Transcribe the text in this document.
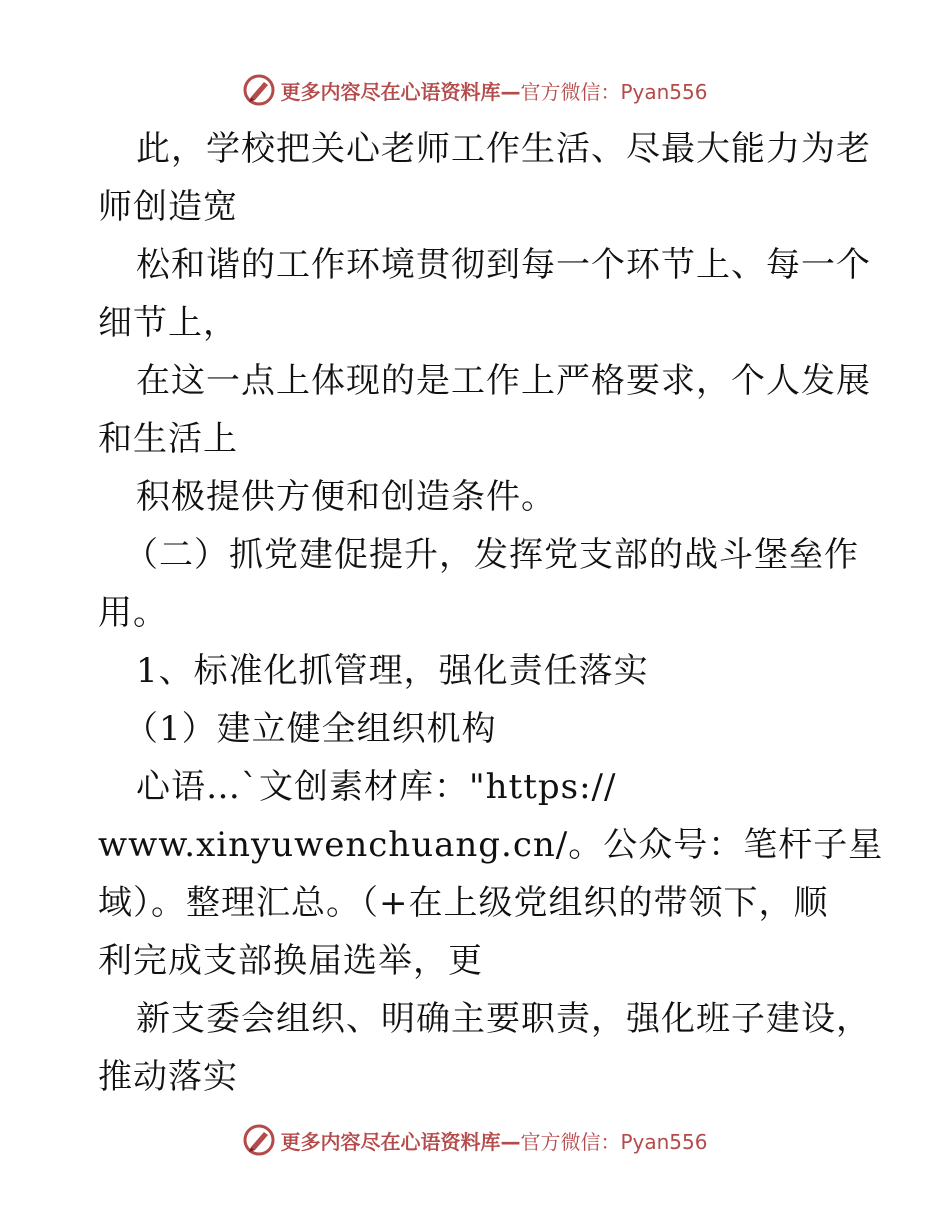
更多内容尽在心语资料库—官方微信：Pyan556
此，学校把关心老师工作生活、尽最大能力为老
师创造宽
松和谐的工作环境贯彻到每一个环节上、每一个
细节上，
在这一点上体现的是工作上严格要求，个人发展
和生活上
积极提供方便和创造条件。
（二）抓党建促提升，发挥党支部的战斗堡垒作
用。
1、标准化抓管理，强化责任落实
（1）建立健全组织机构
心语…`文创素材库："https://
www.xinyuwenchuang.cn/。公众号：笔杆子星
域）。整理汇总。（+在上级党组织的带领下，顺
利完成支部换届选举，更
新支委会组织、明确主要职责，强化班子建设，
推动落实
更多内容尽在心语资料库—官方微信：Pyan556
